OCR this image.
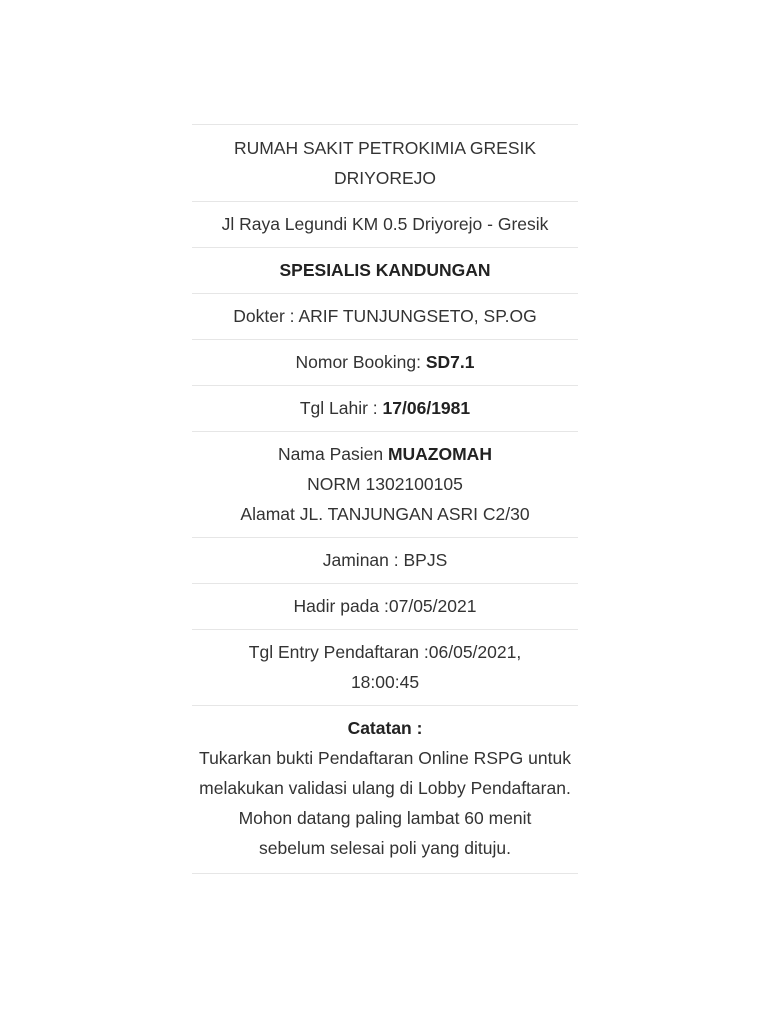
RUMAH SAKIT PETROKIMIA GRESIK DRIYOREJO
Jl Raya Legundi KM 0.5 Driyorejo - Gresik
SPESIALIS KANDUNGAN
Dokter : ARIF TUNJUNGSETO, SP.OG
Nomor Booking: SD7.1
Tgl Lahir : 17/06/1981
Nama Pasien MUAZOMAH
NORM 1302100105
Alamat JL. TANJUNGAN ASRI C2/30
Jaminan : BPJS
Hadir pada :07/05/2021
Tgl Entry Pendaftaran :06/05/2021, 18:00:45
Catatan :
Tukarkan bukti Pendaftaran Online RSPG untuk melakukan validasi ulang di Lobby Pendaftaran.
Mohon datang paling lambat 60 menit sebelum selesai poli yang dituju.
